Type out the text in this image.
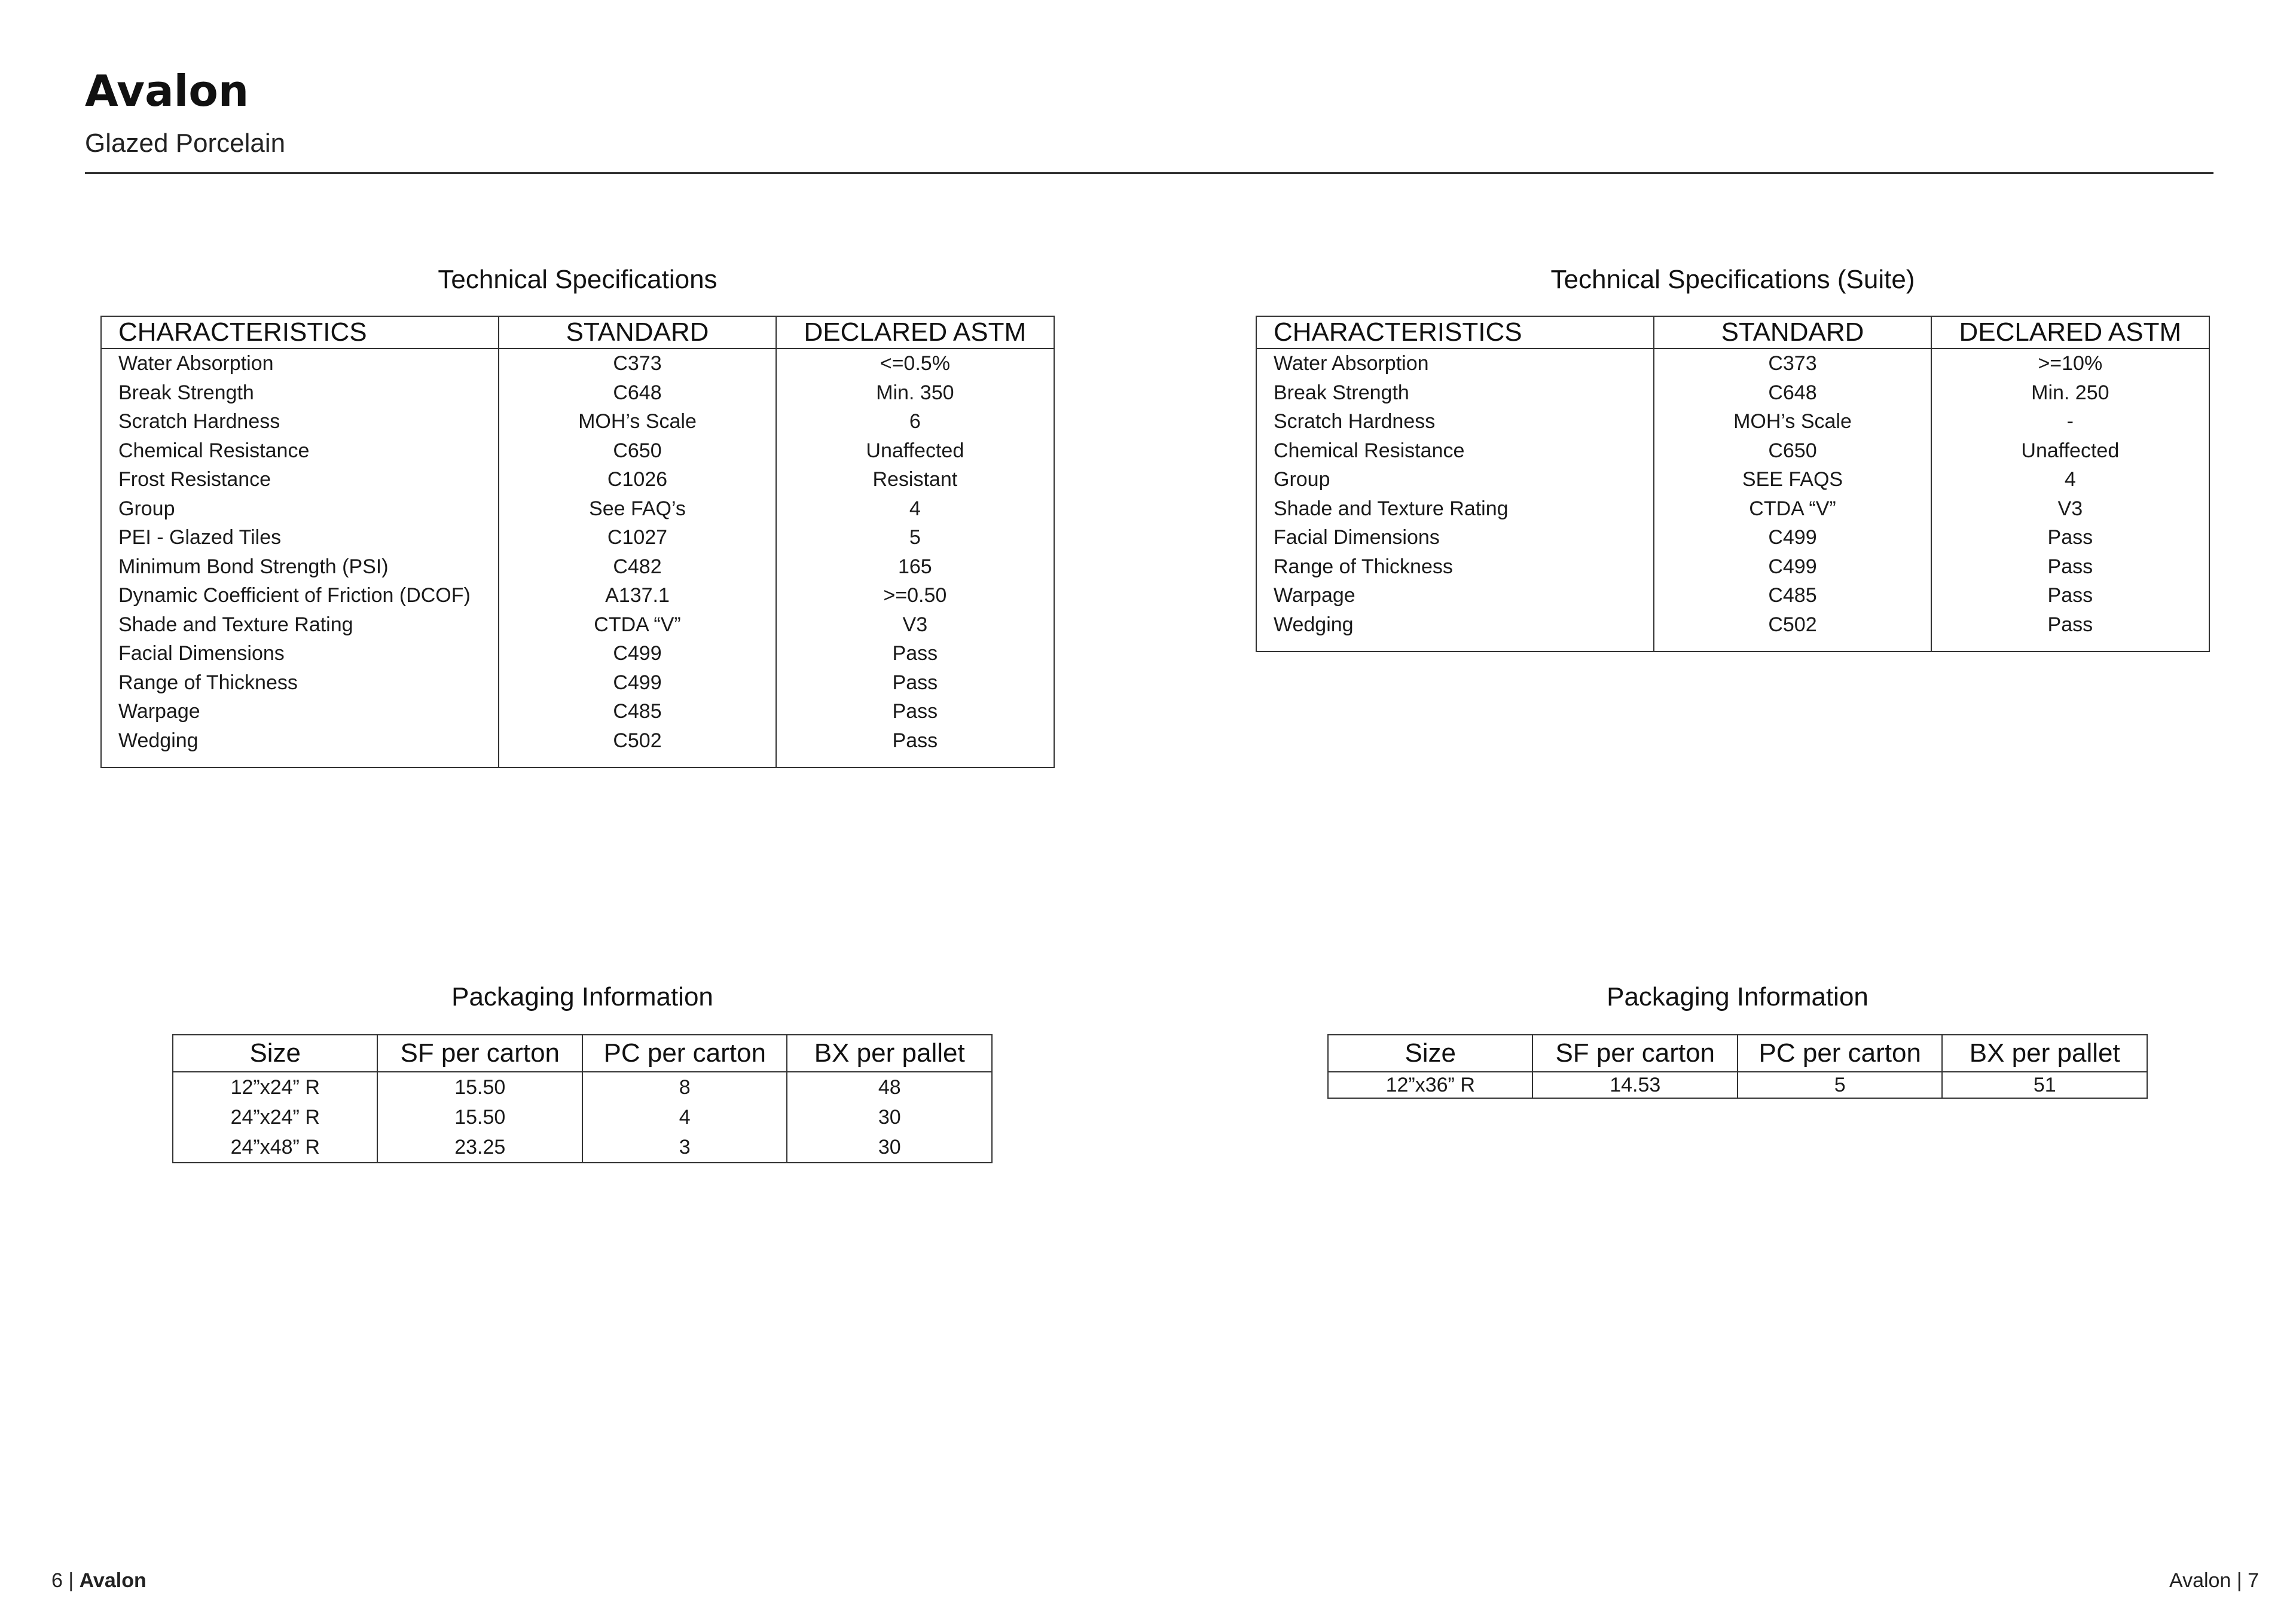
Avalon
Glazed Porcelain
Technical Specifications
CHARACTERISTICS	STANDARD	DECLARED ASTM
Water Absorption	C373	<=0.5%
Break Strength	C648	Min. 350
Scratch Hardness	MOH’s Scale	6
Chemical Resistance	C650	Unaffected
Frost Resistance	C1026	Resistant
Group	See FAQ’s	4
PEI - Glazed Tiles	C1027	5
Minimum Bond Strength (PSI)	C482	165
Dynamic Coefficient of Friction (DCOF)	A137.1	>=0.50
Shade and Texture Rating	CTDA “V”	V3
Facial Dimensions	C499	Pass
Range of Thickness	C499	Pass
Warpage	C485	Pass
Wedging	C502	Pass
Technical Specifications (Suite)
CHARACTERISTICS	STANDARD	DECLARED ASTM
Water Absorption	C373	>=10%
Break Strength	C648	Min. 250
Scratch Hardness	MOH’s Scale	-
Chemical Resistance	C650	Unaffected
Group	SEE FAQS	4
Shade and Texture Rating	CTDA “V”	V3
Facial Dimensions	C499	Pass
Range of Thickness	C499	Pass
Warpage	C485	Pass
Wedging	C502	Pass
Packaging Information
Size	SF per carton	PC per carton	BX per pallet
12”x24” R	15.50	8	48
24”x24” R	15.50	4	30
24”x48” R	23.25	3	30
Packaging Information
Size	SF per carton	PC per carton	BX per pallet
12”x36” R	14.53	5	51
6 | Avalon	Avalon | 7
